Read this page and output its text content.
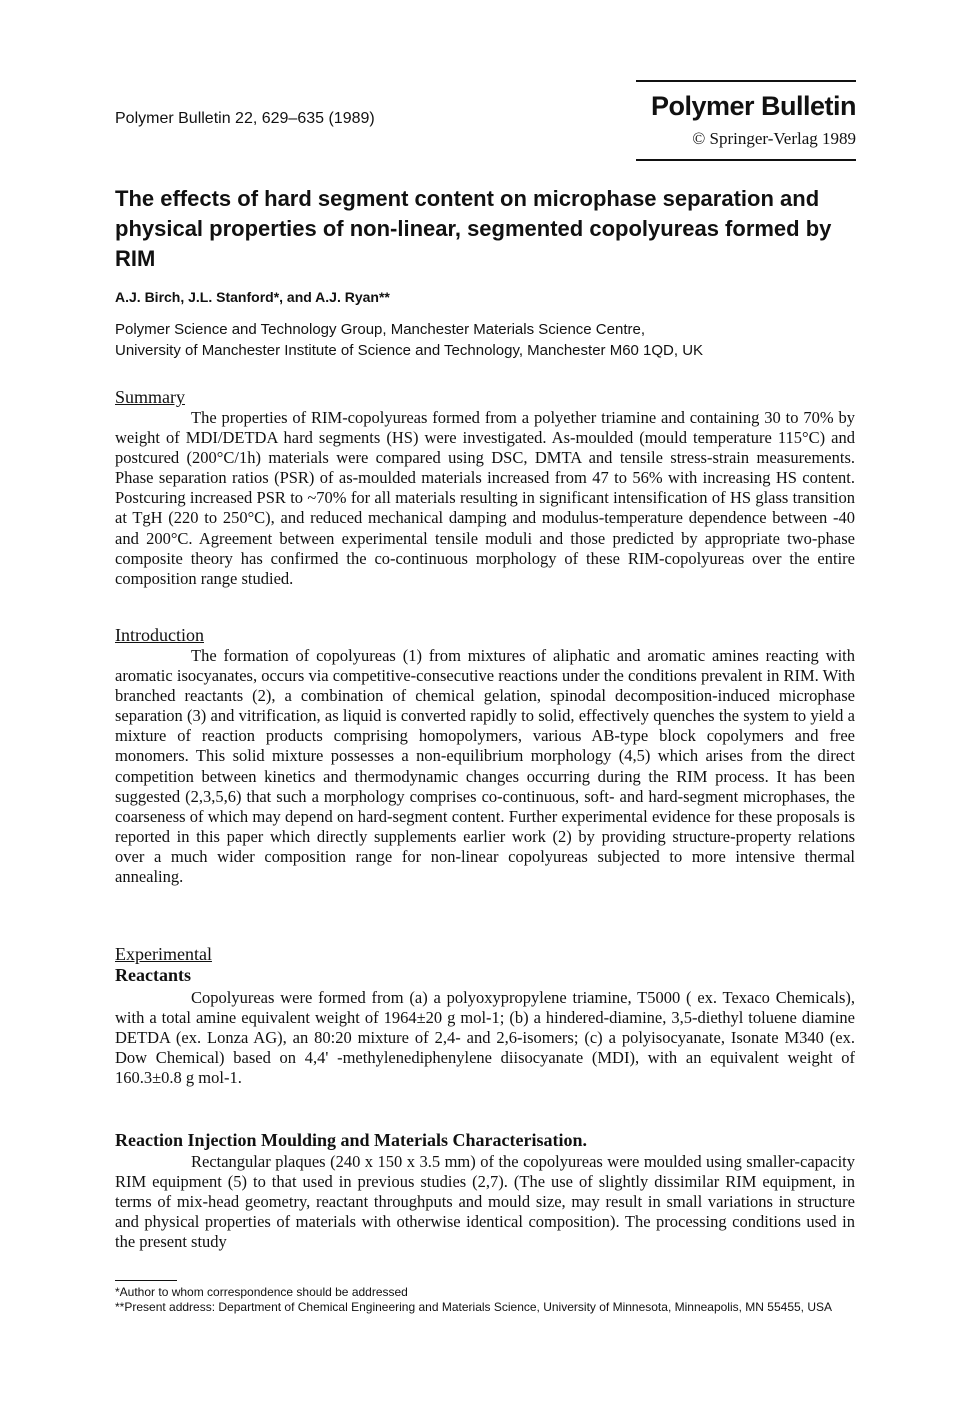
Polymer Bulletin 22, 629–635 (1989)	Polymer Bulletin
© Springer-Verlag 1989
The effects of hard segment content on microphase separation and physical properties of non-linear, segmented copolyureas formed by RIM
A.J. Birch, J.L. Stanford*, and A.J. Ryan**
Polymer Science and Technology Group, Manchester Materials Science Centre,
University of Manchester Institute of Science and Technology, Manchester M60 1QD, UK
Summary
The properties of RIM-copolyureas formed from a polyether triamine and containing 30 to 70% by weight of MDI/DETDA hard segments (HS) were investigated. As-moulded (mould temperature 115°C) and postcured (200°C/1h) materials were compared using DSC, DMTA and tensile stress-strain measurements. Phase separation ratios (PSR) of as-moulded materials increased from 47 to 56% with increasing HS content. Postcuring increased PSR to ~70% for all materials resulting in significant intensification of HS glass transition at TgH (220 to 250°C), and reduced mechanical damping and modulus-temperature dependence between -40 and 200°C. Agreement between experimental tensile moduli and those predicted by appropriate two-phase composite theory has confirmed the co-continuous morphology of these RIM-copolyureas over the entire composition range studied.
Introduction
The formation of copolyureas (1) from mixtures of aliphatic and aromatic amines reacting with aromatic isocyanates, occurs via competitive-consecutive reactions under the conditions prevalent in RIM. With branched reactants (2), a combination of chemical gelation, spinodal decomposition-induced microphase separation (3) and vitrification, as liquid is converted rapidly to solid, effectively quenches the system to yield a mixture of reaction products comprising homopolymers, various AB-type block copolymers and free monomers. This solid mixture possesses a non-equilibrium morphology (4,5) which arises from the direct competition between kinetics and thermodynamic changes occurring during the RIM process. It has been suggested (2,3,5,6) that such a morphology comprises co-continuous, soft- and hard-segment microphases, the coarseness of which may depend on hard-segment content. Further experimental evidence for these proposals is reported in this paper which directly supplements earlier work (2) by providing structure-property relations over a much wider composition range for non-linear copolyureas subjected to more intensive thermal annealing.
Experimental
Reactants
Copolyureas were formed from (a) a polyoxypropylene triamine, T5000 ( ex. Texaco Chemicals), with a total amine equivalent weight of 1964±20 g mol-1; (b) a hindered-diamine, 3,5-diethyl toluene diamine DETDA (ex. Lonza AG), an 80:20 mixture of 2,4- and 2,6-isomers; (c) a polyisocyanate, Isonate M340 (ex. Dow Chemical) based on 4,4' -methylenediphenylene diisocyanate (MDI), with an equivalent weight of 160.3±0.8 g mol-1.
Reaction Injection Moulding and Materials Characterisation.
Rectangular plaques (240 x 150 x 3.5 mm) of the copolyureas were moulded using smaller-capacity RIM equipment (5) to that used in previous studies (2,7). (The use of slightly dissimilar RIM equipment, in terms of mix-head geometry, reactant throughputs and mould size, may result in small variations in structure and physical properties of materials with otherwise identical composition). The processing conditions used in the present study
*Author to whom correspondence should be addressed
**Present address: Department of Chemical Engineering and Materials Science, University of Minnesota, Minneapolis, MN 55455, USA
